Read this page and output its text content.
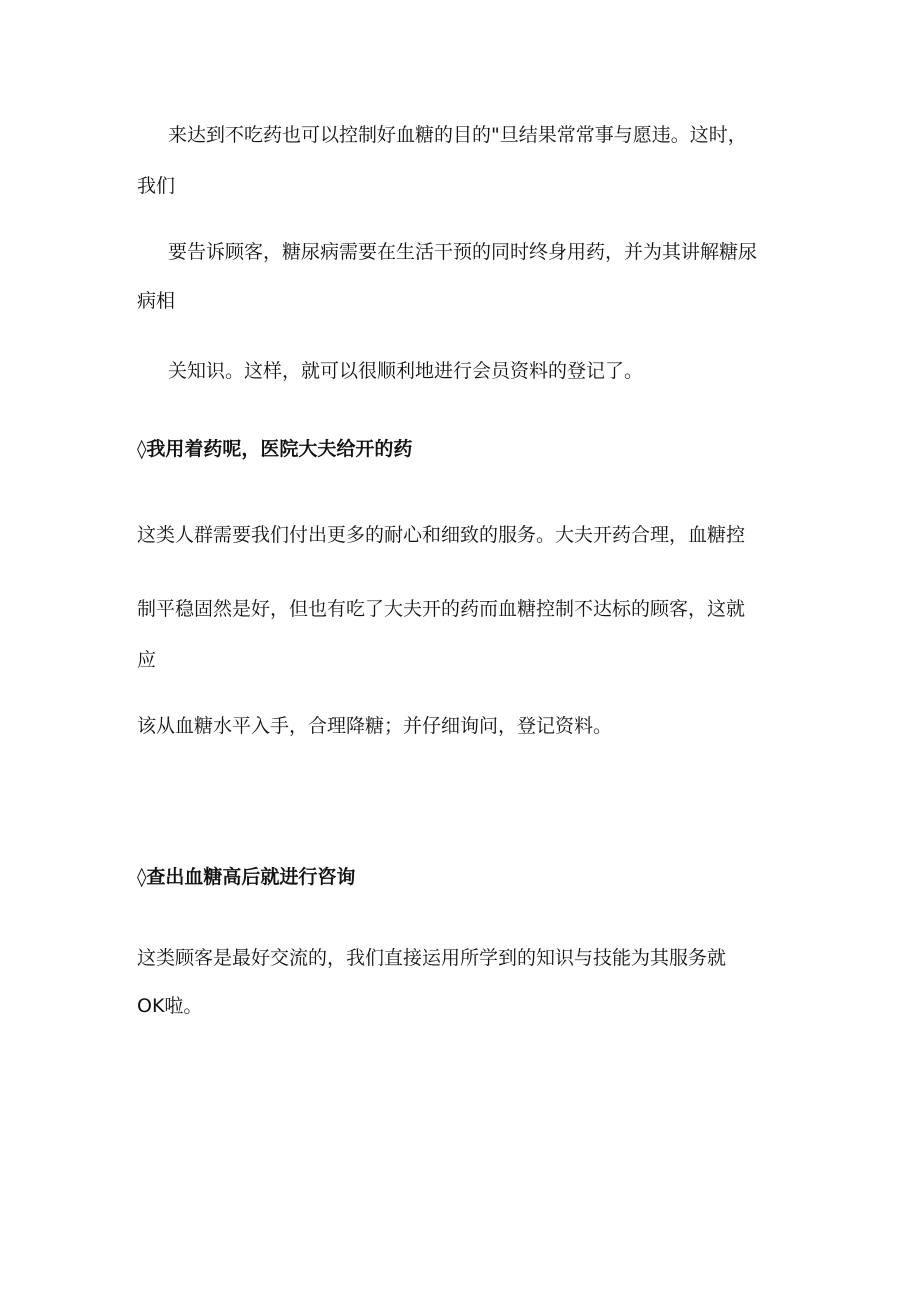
来达到不吃药也可以控制好血糖的目的"旦结果常常事与愿违。这时，

我们

要告诉顾客，糖尿病需要在生活干预的同时终身用药，并为其讲解糖尿

病相

关知识。这样，就可以很顺利地进行会员资料的登记了。

◊我用着药呢，医院大夫给开的药

这类人群需要我们付出更多的耐心和细致的服务。大夫开药合理，血糖控

制平稳固然是好，但也有吃了大夫开的药而血糖控制不达标的顾客，这就

应

该从血糖水平入手，合理降糖；并仔细询问，登记资料。

◊查出血糖高后就进行咨询

这类顾客是最好交流的，我们直接运用所学到的知识与技能为其服务就

OK啦。
